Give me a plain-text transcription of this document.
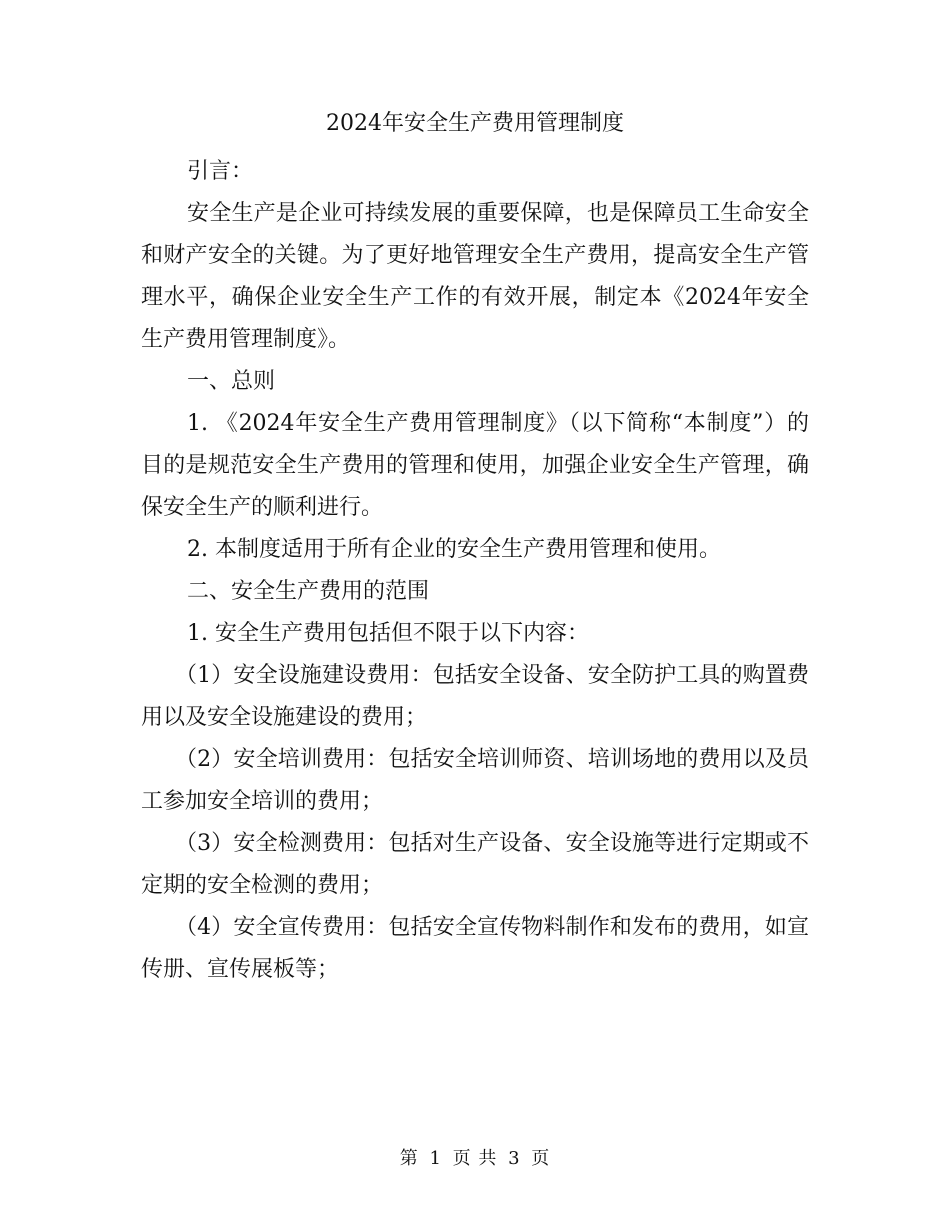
2024年安全生产费用管理制度

引言：

安全生产是企业可持续发展的重要保障，也是保障员工生命安全和财产安全的关键。为了更好地管理安全生产费用，提高安全生产管理水平，确保企业安全生产工作的有效开展，制定本《2024年安全生产费用管理制度》。

一、总则

1. 《2024年安全生产费用管理制度》（以下简称“本制度”）的目的是规范安全生产费用的管理和使用，加强企业安全生产管理，确保安全生产的顺利进行。

2. 本制度适用于所有企业的安全生产费用管理和使用。

二、安全生产费用的范围

1. 安全生产费用包括但不限于以下内容：

（1）安全设施建设费用：包括安全设备、安全防护工具的购置费用以及安全设施建设的费用；

（2）安全培训费用：包括安全培训师资、培训场地的费用以及员工参加安全培训的费用；

（3）安全检测费用：包括对生产设备、安全设施等进行定期或不定期的安全检测的费用；

（4）安全宣传费用：包括安全宣传物料制作和发布的费用，如宣传册、宣传展板等；

第 1 页 共 3 页
